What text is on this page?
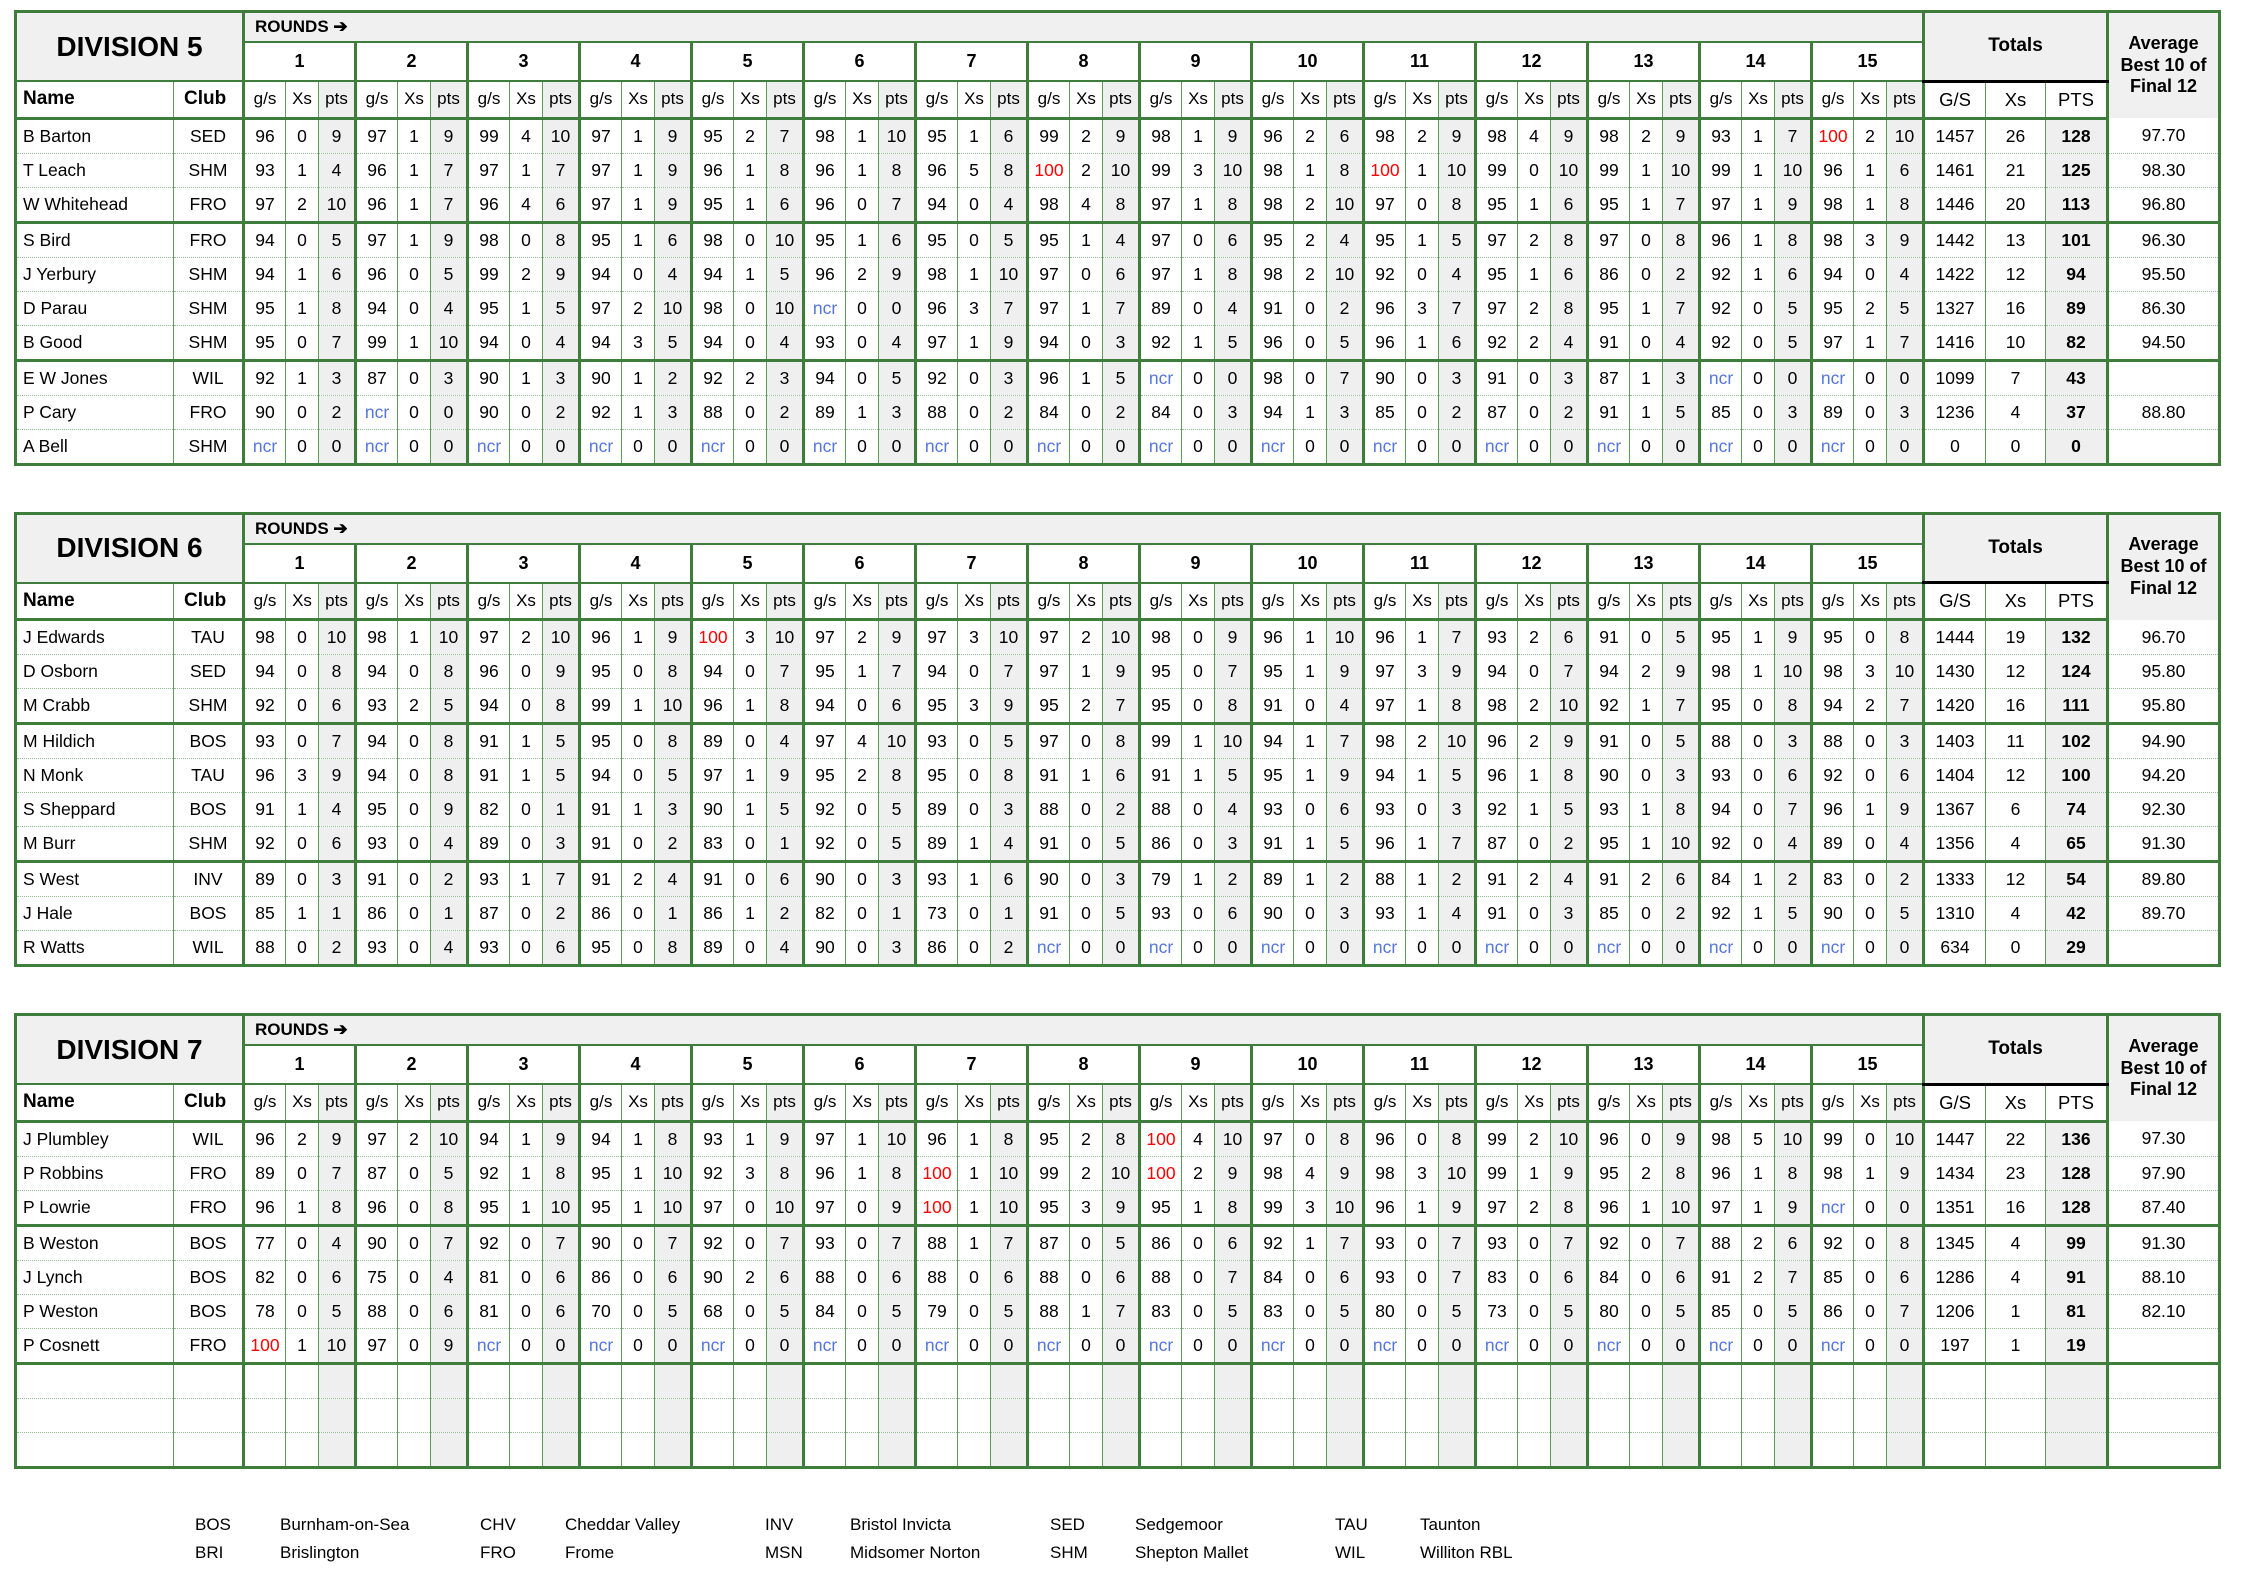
DIVISION 5		ROUNDS ➔																																													Totals			Average Best 10 of Final 12
		1			2			3			4			5			6			7			8			9			10			11			12			13			14			15						
Name	Club	g/s	Xs	pts	g/s	Xs	pts	g/s	Xs	pts	g/s	Xs	pts	g/s	Xs	pts	g/s	Xs	pts	g/s	Xs	pts	g/s	Xs	pts	g/s	Xs	pts	g/s	Xs	pts	g/s	Xs	pts	g/s	Xs	pts	g/s	Xs	pts	g/s	Xs	pts	g/s	Xs	pts	G/S	Xs	PTS	
B Barton	SED	96	0	9	97	1	9	99	4	10	97	1	9	95	2	7	98	1	10	95	1	6	99	2	9	98	1	9	96	2	6	98	2	9	98	4	9	98	2	9	93	1	7	100	2	10	1457	26	128	97.70
T Leach	SHM	93	1	4	96	1	7	97	1	7	97	1	9	96	1	8	96	1	8	96	5	8	100	2	10	99	3	10	98	1	8	100	1	10	99	0	10	99	1	10	99	1	10	96	1	6	1461	21	125	98.30
W Whitehead	FRO	97	2	10	96	1	7	96	4	6	97	1	9	95	1	6	96	0	7	94	0	4	98	4	8	97	1	8	98	2	10	97	0	8	95	1	6	95	1	7	97	1	9	98	1	8	1446	20	113	96.80
S Bird	FRO	94	0	5	97	1	9	98	0	8	95	1	6	98	0	10	95	1	6	95	0	5	95	1	4	97	0	6	95	2	4	95	1	5	97	2	8	97	0	8	96	1	8	98	3	9	1442	13	101	96.30
J Yerbury	SHM	94	1	6	96	0	5	99	2	9	94	0	4	94	1	5	96	2	9	98	1	10	97	0	6	97	1	8	98	2	10	92	0	4	95	1	6	86	0	2	92	1	6	94	0	4	1422	12	94	95.50
D Parau	SHM	95	1	8	94	0	4	95	1	5	97	2	10	98	0	10	ncr	0	0	96	3	7	97	1	7	89	0	4	91	0	2	96	3	7	97	2	8	95	1	7	92	0	5	95	2	5	1327	16	89	86.30
B Good	SHM	95	0	7	99	1	10	94	0	4	94	3	5	94	0	4	93	0	4	97	1	9	94	0	3	92	1	5	96	0	5	96	1	6	92	2	4	91	0	4	92	0	5	97	1	7	1416	10	82	94.50
E W Jones	WIL	92	1	3	87	0	3	90	1	3	90	1	2	92	2	3	94	0	5	92	0	3	96	1	5	ncr	0	0	98	0	7	90	0	3	91	0	3	87	1	3	ncr	0	0	ncr	0	0	1099	7	43	
P Cary	FRO	90	0	2	ncr	0	0	90	0	2	92	1	3	88	0	2	89	1	3	88	0	2	84	0	2	84	0	3	94	1	3	85	0	2	87	0	2	91	1	5	85	0	3	89	0	3	1236	4	37	88.80
A Bell	SHM	ncr	0	0	ncr	0	0	ncr	0	0	ncr	0	0	ncr	0	0	ncr	0	0	ncr	0	0	ncr	0	0	ncr	0	0	ncr	0	0	ncr	0	0	ncr	0	0	ncr	0	0	ncr	0	0	ncr	0	0	0	0	0	
DIVISION 6		ROUNDS ➔																																													Totals			Average Best 10 of Final 12
		1			2			3			4			5			6			7			8			9			10			11			12			13			14			15						
Name	Club	g/s	Xs	pts	g/s	Xs	pts	g/s	Xs	pts	g/s	Xs	pts	g/s	Xs	pts	g/s	Xs	pts	g/s	Xs	pts	g/s	Xs	pts	g/s	Xs	pts	g/s	Xs	pts	g/s	Xs	pts	g/s	Xs	pts	g/s	Xs	pts	g/s	Xs	pts	g/s	Xs	pts	G/S	Xs	PTS	
J Edwards	TAU	98	0	10	98	1	10	97	2	10	96	1	9	100	3	10	97	2	9	97	3	10	97	2	10	98	0	9	96	1	10	96	1	7	93	2	6	91	0	5	95	1	9	95	0	8	1444	19	132	96.70
D Osborn	SED	94	0	8	94	0	8	96	0	9	95	0	8	94	0	7	95	1	7	94	0	7	97	1	9	95	0	7	95	1	9	97	3	9	94	0	7	94	2	9	98	1	10	98	3	10	1430	12	124	95.80
M Crabb	SHM	92	0	6	93	2	5	94	0	8	99	1	10	96	1	8	94	0	6	95	3	9	95	2	7	95	0	8	91	0	4	97	1	8	98	2	10	92	1	7	95	0	8	94	2	7	1420	16	111	95.80
M Hildich	BOS	93	0	7	94	0	8	91	1	5	95	0	8	89	0	4	97	4	10	93	0	5	97	0	8	99	1	10	94	1	7	98	2	10	96	2	9	91	0	5	88	0	3	88	0	3	1403	11	102	94.90
N Monk	TAU	96	3	9	94	0	8	91	1	5	94	0	5	97	1	9	95	2	8	95	0	8	91	1	6	91	1	5	95	1	9	94	1	5	96	1	8	90	0	3	93	0	6	92	0	6	1404	12	100	94.20
S Sheppard	BOS	91	1	4	95	0	9	82	0	1	91	1	3	90	1	5	92	0	5	89	0	3	88	0	2	88	0	4	93	0	6	93	0	3	92	1	5	93	1	8	94	0	7	96	1	9	1367	6	74	92.30
M Burr	SHM	92	0	6	93	0	4	89	0	3	91	0	2	83	0	1	92	0	5	89	1	4	91	0	5	86	0	3	91	1	5	96	1	7	87	0	2	95	1	10	92	0	4	89	0	4	1356	4	65	91.30
S West	INV	89	0	3	91	0	2	93	1	7	91	2	4	91	0	6	90	0	3	93	1	6	90	0	3	79	1	2	89	1	2	88	1	2	91	2	4	91	2	6	84	1	2	83	0	2	1333	12	54	89.80
J Hale	BOS	85	1	1	86	0	1	87	0	2	86	0	1	86	1	2	82	0	1	73	0	1	91	0	5	93	0	6	90	0	3	93	1	4	91	0	3	85	0	2	92	1	5	90	0	5	1310	4	42	89.70
R Watts	WIL	88	0	2	93	0	4	93	0	6	95	0	8	89	0	4	90	0	3	86	0	2	ncr	0	0	ncr	0	0	ncr	0	0	ncr	0	0	ncr	0	0	ncr	0	0	ncr	0	0	ncr	0	0	634	0	29	
DIVISION 7		ROUNDS ➔																																													Totals			Average Best 10 of Final 12
		1			2			3			4			5			6			7			8			9			10			11			12			13			14			15						
Name	Club	g/s	Xs	pts	g/s	Xs	pts	g/s	Xs	pts	g/s	Xs	pts	g/s	Xs	pts	g/s	Xs	pts	g/s	Xs	pts	g/s	Xs	pts	g/s	Xs	pts	g/s	Xs	pts	g/s	Xs	pts	g/s	Xs	pts	g/s	Xs	pts	g/s	Xs	pts	g/s	Xs	pts	G/S	Xs	PTS	
J Plumbley	WIL	96	2	9	97	2	10	94	1	9	94	1	8	93	1	9	97	1	10	96	1	8	95	2	8	100	4	10	97	0	8	96	0	8	99	2	10	96	0	9	98	5	10	99	0	10	1447	22	136	97.30
P Robbins	FRO	89	0	7	87	0	5	92	1	8	95	1	10	92	3	8	96	1	8	100	1	10	99	2	10	100	2	9	98	4	9	98	3	10	99	1	9	95	2	8	96	1	8	98	1	9	1434	23	128	97.90
P Lowrie	FRO	96	1	8	96	0	8	95	1	10	95	1	10	97	0	10	97	0	9	100	1	10	95	3	9	95	1	8	99	3	10	96	1	9	97	2	8	96	1	10	97	1	9	ncr	0	0	1351	16	128	87.40
B Weston	BOS	77	0	4	90	0	7	92	0	7	90	0	7	92	0	7	93	0	7	88	1	7	87	0	5	86	0	6	92	1	7	93	0	7	93	0	7	92	0	7	88	2	6	92	0	8	1345	4	99	91.30
J Lynch	BOS	82	0	6	75	0	4	81	0	6	86	0	6	90	2	6	88	0	6	88	0	6	88	0	6	88	0	7	84	0	6	93	0	7	83	0	6	84	0	6	91	2	7	85	0	6	1286	4	91	88.10
P Weston	BOS	78	0	5	88	0	6	81	0	6	70	0	5	68	0	5	84	0	5	79	0	5	88	1	7	83	0	5	83	0	5	80	0	5	73	0	5	80	0	5	85	0	5	86	0	7	1206	1	81	82.10
P Cosnett	FRO	100	1	10	97	0	9	ncr	0	0	ncr	0	0	ncr	0	0	ncr	0	0	ncr	0	0	ncr	0	0	ncr	0	0	ncr	0	0	ncr	0	0	ncr	0	0	ncr	0	0	ncr	0	0	ncr	0	0	197	1	19	

BOS	Burnham-on-Sea	CHV	Cheddar Valley	INV	Bristol Invicta	SED	Sedgemoor	TAU	Taunton
BRI	Brislington	FRO	Frome	MSN	Midsomer Norton	SHM	Shepton Mallet	WIL	Williton RBL
